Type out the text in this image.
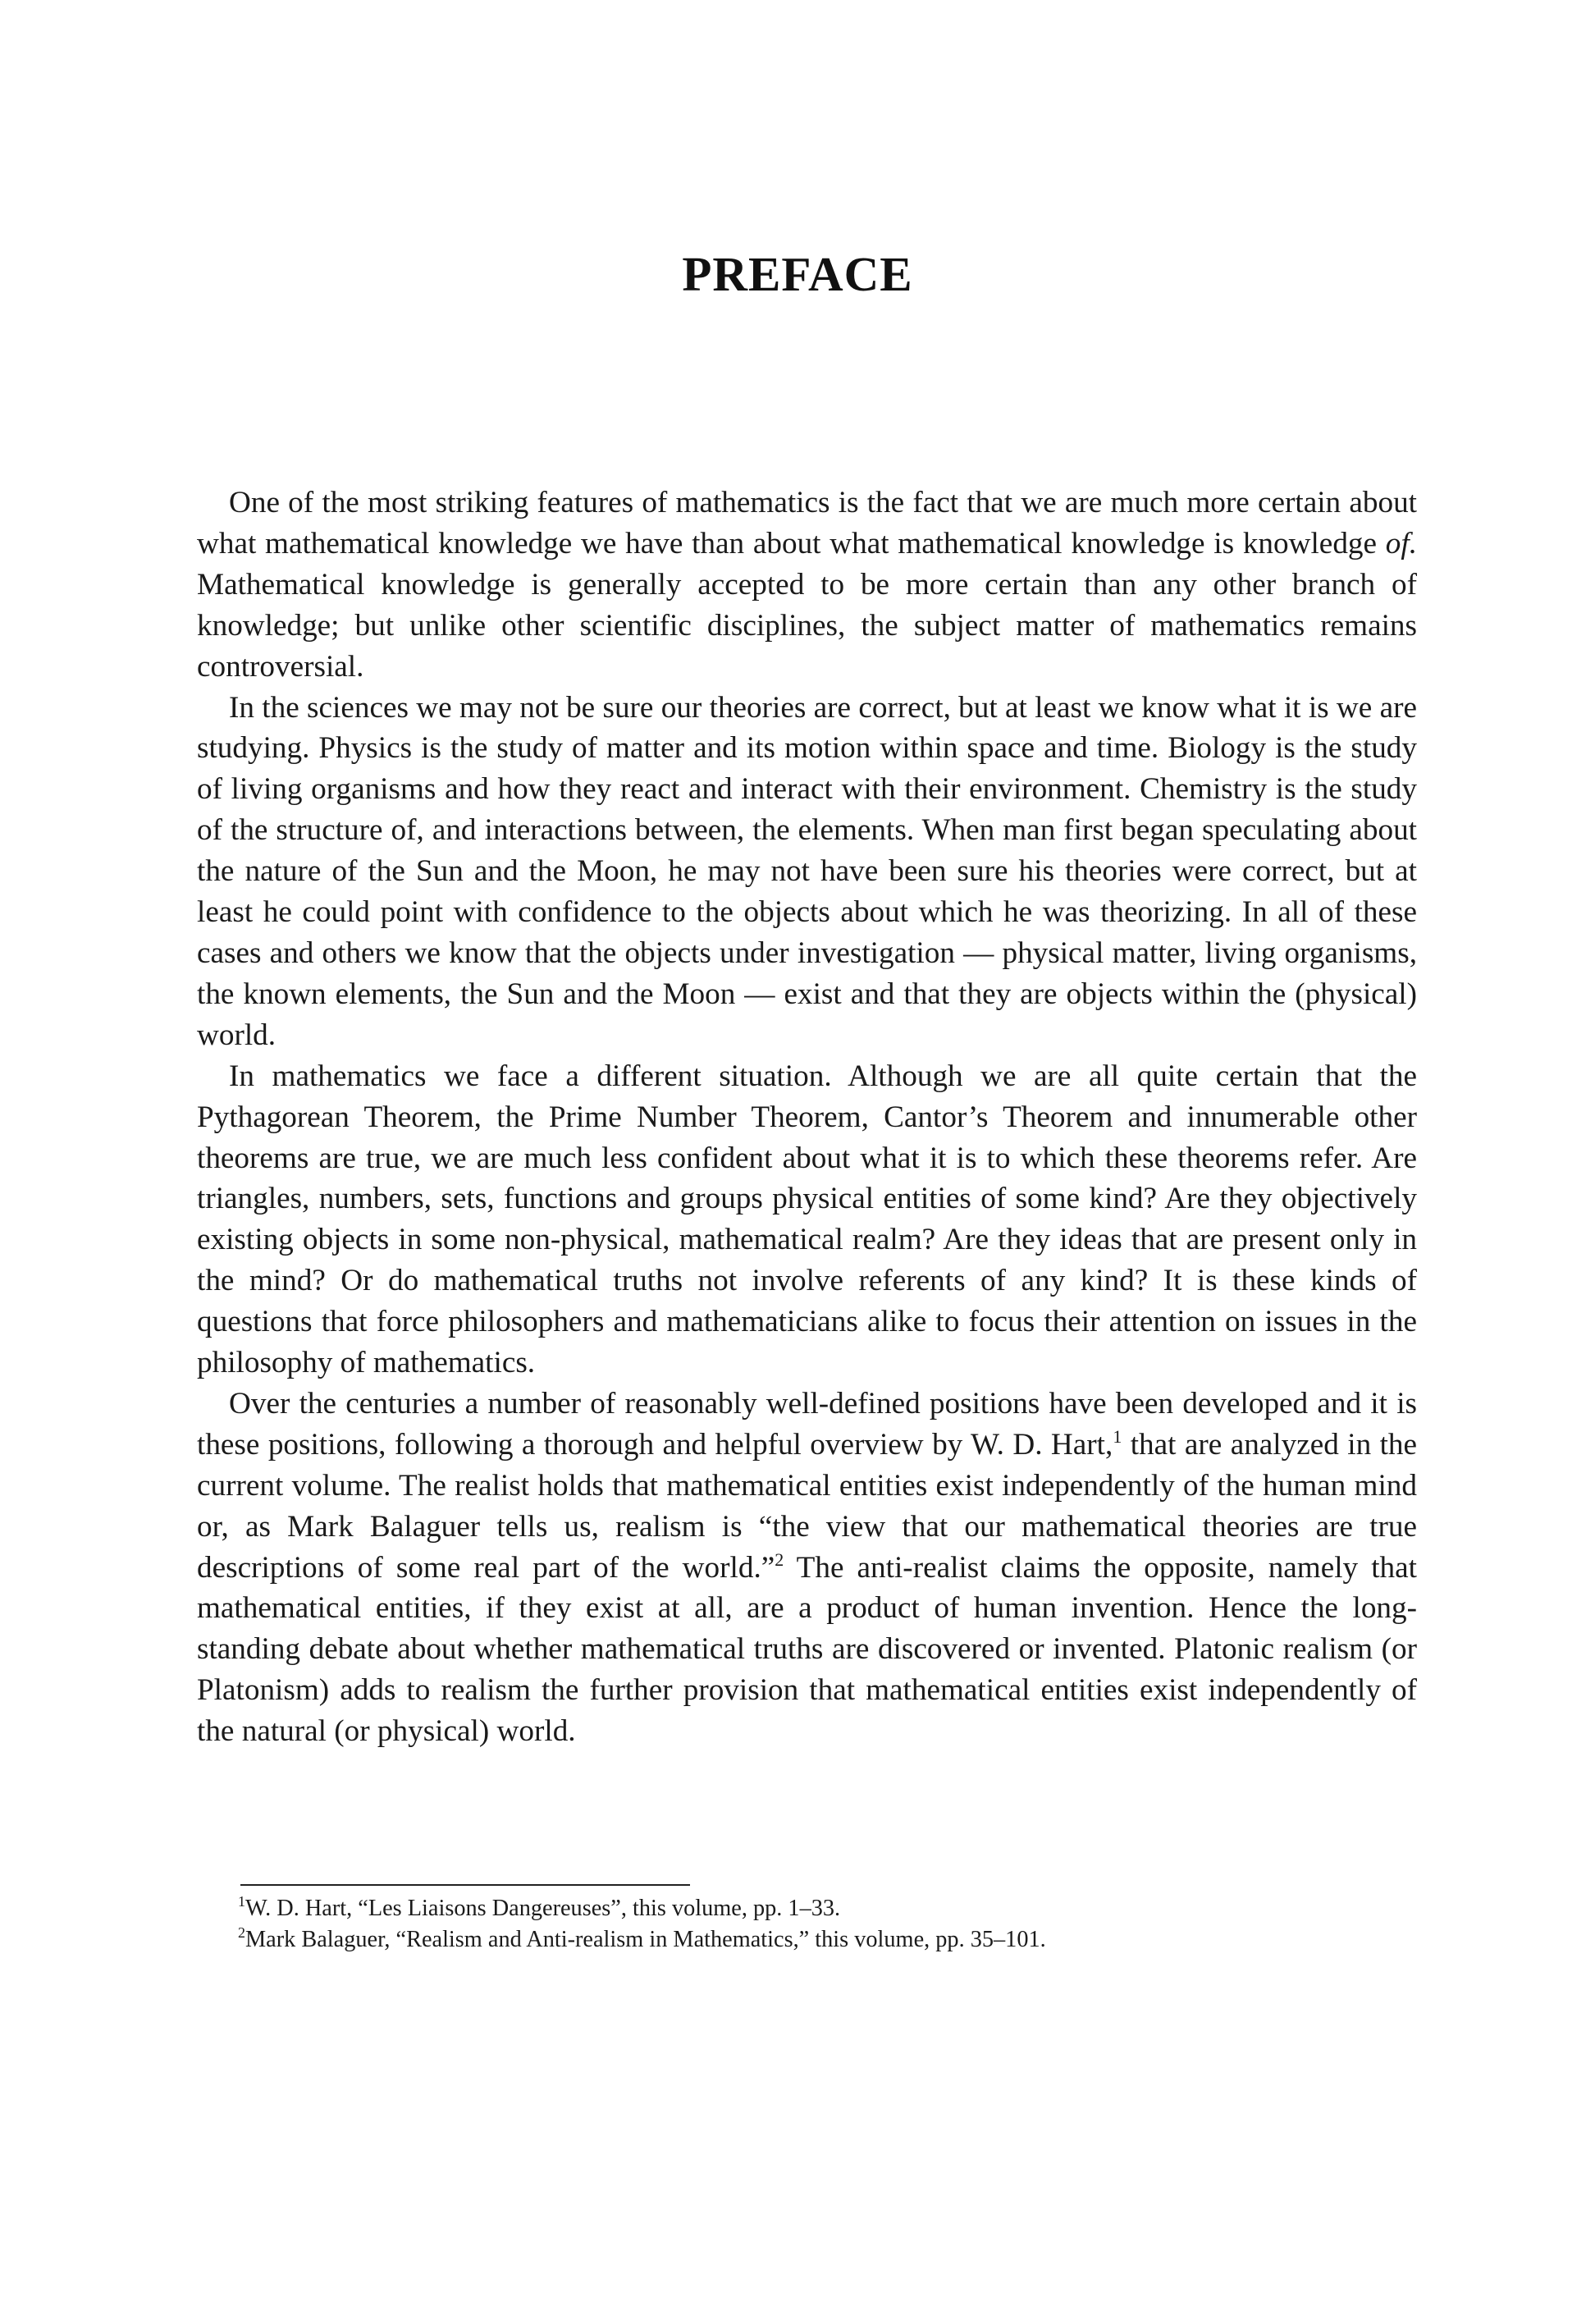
PREFACE

One of the most striking features of mathematics is the fact that we are much more certain about what mathematical knowledge we have than about what mathematical knowledge is knowledge of. Mathematical knowledge is generally accepted to be more certain than any other branch of knowledge; but unlike other scientific disciplines, the subject matter of mathematics remains controversial.

In the sciences we may not be sure our theories are correct, but at least we know what it is we are studying. Physics is the study of matter and its motion within space and time. Biology is the study of living organisms and how they react and interact with their environment. Chemistry is the study of the structure of, and interactions between, the elements. When man first began speculating about the nature of the Sun and the Moon, he may not have been sure his theories were correct, but at least he could point with confidence to the objects about which he was theorizing. In all of these cases and others we know that the objects under investigation — physical matter, living organisms, the known elements, the Sun and the Moon — exist and that they are objects within the (physical) world.

In mathematics we face a different situation. Although we are all quite certain that the Pythagorean Theorem, the Prime Number Theorem, Cantor’s Theorem and innumerable other theorems are true, we are much less confident about what it is to which these theorems refer. Are triangles, numbers, sets, functions and groups physical entities of some kind? Are they objectively existing objects in some non-physical, mathematical realm? Are they ideas that are present only in the mind? Or do mathematical truths not involve referents of any kind? It is these kinds of questions that force philosophers and mathematicians alike to focus their attention on issues in the philosophy of mathematics.

Over the centuries a number of reasonably well-defined positions have been developed and it is these positions, following a thorough and helpful overview by W. D. Hart,$^1$ that are analyzed in the current volume. The realist holds that mathematical entities exist independently of the human mind or, as Mark Balaguer tells us, realism is “the view that our mathematical theories are true descriptions of some real part of the world.”$^2$ The anti-realist claims the opposite, namely that mathematical entities, if they exist at all, are a product of human invention. Hence the long-standing debate about whether mathematical truths are discovered or invented. Platonic realism (or Platonism) adds to realism the further provision that mathematical entities exist independently of the natural (or physical) world.

$^1$W. D. Hart, “Les Liaisons Dangereuses”, this volume, pp. 1–33.

$^2$Mark Balaguer, “Realism and Anti-realism in Mathematics,” this volume, pp. 35–101.
